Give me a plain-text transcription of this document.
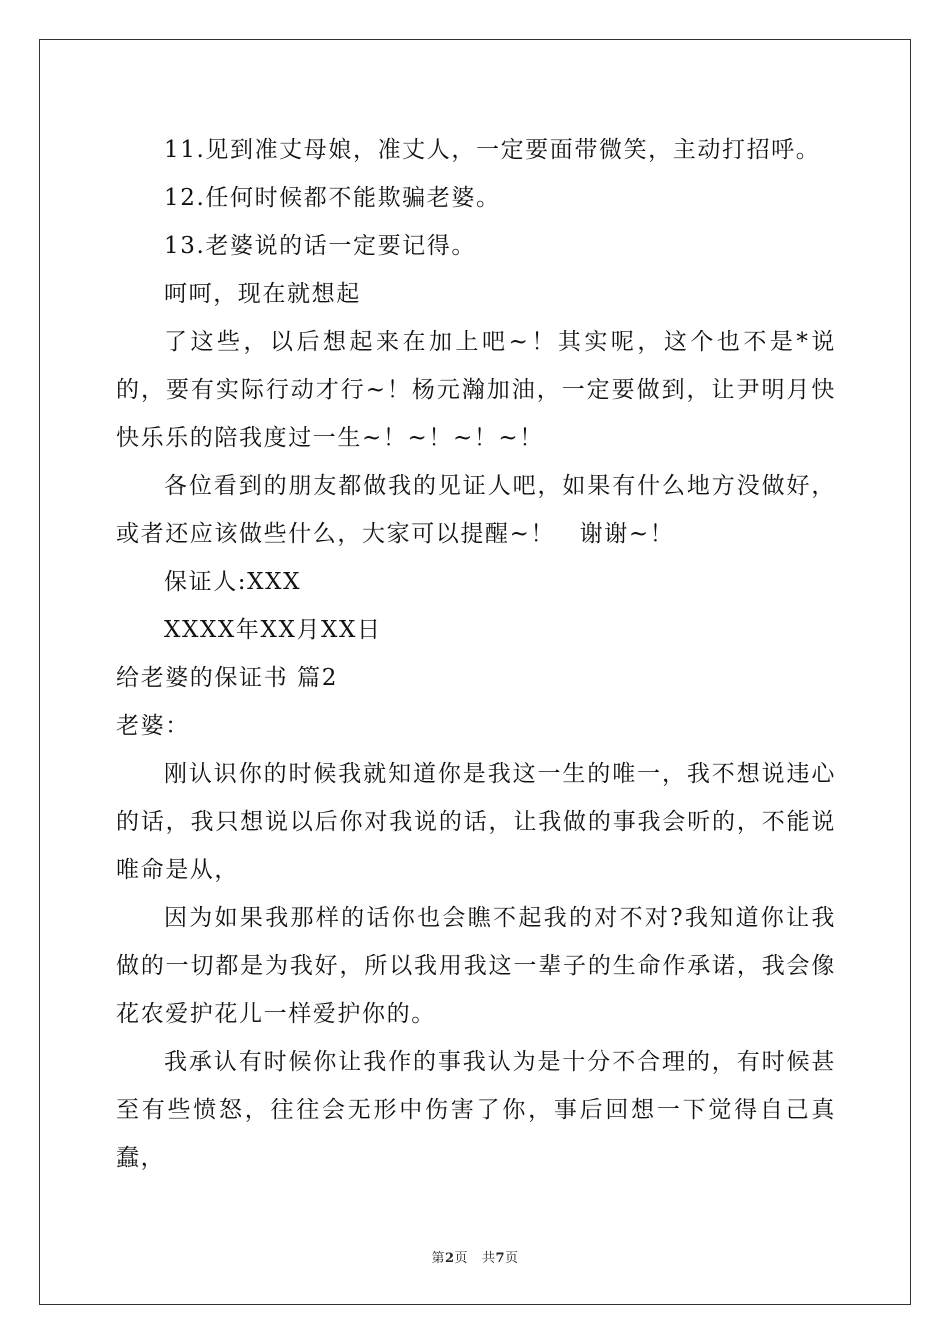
11.见到准丈母娘，准丈人，一定要面带微笑，主动打招呼。

12.任何时候都不能欺骗老婆。

13.老婆说的话一定要记得。

呵呵，现在就想起

了这些，以后想起来在加上吧~！其实呢，这个也不是*说的，要有实际行动才行~！杨元瀚加油，一定要做到，让尹明月快快乐乐的陪我度过一生~！~！~！~！

各位看到的朋友都做我的见证人吧，如果有什么地方没做好，或者还应该做些什么，大家可以提醒~！　谢谢~！

保证人:XXX

XXXX年XX月XX日

给老婆的保证书 篇2

老婆：

刚认识你的时候我就知道你是我这一生的唯一，我不想说违心的话，我只想说以后你对我说的话，让我做的事我会听的，不能说唯命是从，

因为如果我那样的话你也会瞧不起我的对不对?我知道你让我做的一切都是为我好，所以我用我这一辈子的生命作承诺，我会像花农爱护花儿一样爱护你的。

我承认有时候你让我作的事我认为是十分不合理的，有时候甚至有些愤怒，往往会无形中伤害了你，事后回想一下觉得自己真蠢，

第2页 共7页
